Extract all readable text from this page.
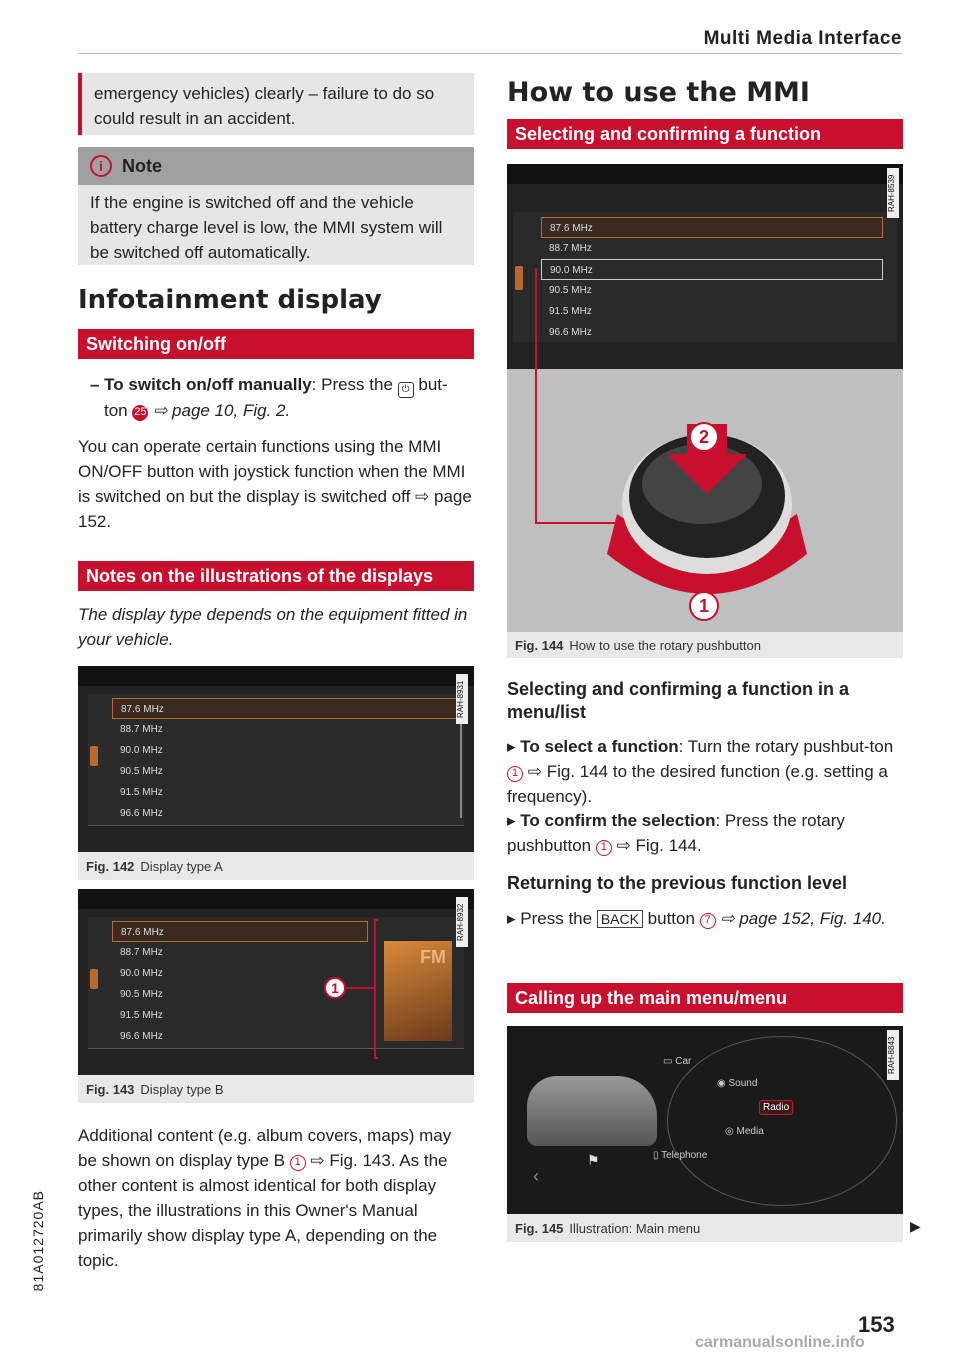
Multi Media Interface
emergency vehicles) clearly – failure to do so could result in an accident.
i	Note
If the engine is switched off and the vehicle battery charge level is low, the MMI system will be switched off automatically.
Infotainment display
Switching on/off
– To switch on/off manually: Press the ⏻ but-
ton 25 ⇨ page 10, Fig. 2.
You can operate certain functions using the MMI ON/OFF button with joystick function when the MMI is switched on but the display is switched off ⇨ page 152.
Notes on the illustrations of the displays
The display type depends on the equipment fitted in your vehicle.
87.6 MHz
88.7 MHz
90.0 MHz
90.5 MHz
91.5 MHz
96.6 MHz
RAH-8931
Fig. 142 Display type A
87.6 MHz
88.7 MHz
90.0 MHz
90.5 MHz
91.5 MHz
96.6 MHz
FM
1
RAH-8932
Fig. 143 Display type B
Additional content (e.g. album covers, maps) may be shown on display type B 1 ⇨ Fig. 143. As the other content is almost identical for both display types, the illustrations in this Owner's Manual primarily show display type A, depending on the topic.
How to use the MMI
Selecting and confirming a function
87.6 MHz
88.7 MHz
90.0 MHz
90.5 MHz
91.5 MHz
96.6 MHz
2
1
RAH-8539
Fig. 144 How to use the rotary pushbutton
Selecting and confirming a function in a menu/list
▸ To select a function: Turn the rotary pushbut-ton 1 ⇨ Fig. 144 to the desired function (e.g. setting a frequency).
▸ To confirm the selection: Press the rotary pushbutton 1 ⇨ Fig. 144.
Returning to the previous function level
▸ Press the BACK button 7 ⇨ page 152, Fig. 140.
Calling up the main menu/menu
▭ Car
◉ Sound
Radio
◎ Media
▯ Telephone
‹
⚑
RAH-8843
Fig. 145 Illustration: Main menu	▶
81A012720AB
153
carmanualsonline.info
